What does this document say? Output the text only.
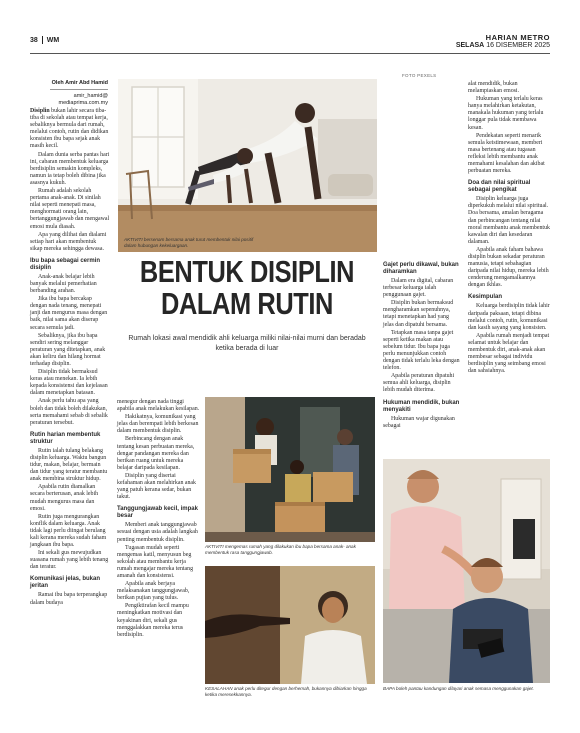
38 WM	HARIAN METRO
SELASA 16 DISEMBER 2025
FOTO PEXELS
Oleh Amir Abd Hamid
amir_hamid@
mediaprima.com.my

Disiplin bukan lahir secara tiba-tiba di sekolah atau tempat kerja, sebaliknya bermula dari rumah, melalui contoh, rutin dan didikan konsisten ibu bapa sejak anak masih kecil.

Dalam dunia serba pantas hari ini, cabaran membentuk keluarga berdisiplin semakin kompleks, namun ia tetap boleh dibina jika asasnya kukuh.

Rumah adalah sekolah pertama anak-anak. Di sinilah nilai seperti menepati masa, menghormati orang lain, bertanggungjawab dan mengawal emosi mula diasah.

Apa yang dilihat dan dialami setiap hari akan membentuk sikap mereka sehingga dewasa.

Ibu bapa sebagai cermin disiplin

Anak-anak belajar lebih banyak melalui pemerhatian berbanding arahan.

Jika ibu bapa bercakap dengan nada tenang, menepati janji dan mengurus masa dengan baik, nilai sama akan diserap secara semula jadi.

Sebaliknya, jika ibu bapa sendiri sering melanggar peraturan yang ditetapkan, anak akan keliru dan hilang hormat terhadap disiplin.

Disiplin tidak bermaksud keras atau menekan. Ia lebih kepada konsistensi dan kejelasan dalam menetapkan batasan.

Anak perlu tahu apa yang boleh dan tidak boleh dilakukan, serta memahami sebab di sebalik peraturan tersebut.

Rutin harian membentuk struktur

Rutin ialah tulang belakang disiplin keluarga. Waktu bangun tidur, makan, belajar, bermain dan tidur yang teratur membantu anak membina struktur hidup.

Apabila rutin diamalkan secara berterusan, anak lebih mudah mengurus masa dan emosi.

Rutin juga mengurangkan konflik dalam keluarga. Anak tidak lagi perlu diingat berulang kali kerana mereka sudah faham jangkaan ibu bapa.

Ini sekali gus mewujudkan suasana rumah yang lebih tenang dan teratur.

Komunikasi jelas, bukan jeritan

Ramai ibu bapa terperangkap dalam budaya

AKTIVITI bersenam bersama anak turut membentuk nilai positif dalam hubungan kekeluargaan.
BENTUK DISIPLIN
DALAM RUTIN
Rumah lokasi awal mendidik ahli keluarga miliki nilai-nilai murni dan beradab ketika berada di luar

menegur dengan nada tinggi apabila anak melakukan kesilapan.

Hakikatnya, komunikasi yang jelas dan berempati lebih berkesan dalam membentuk disiplin.

Berbincang dengan anak tentang kesan perbuatan mereka, dengar pandangan mereka dan berikan ruang untuk mereka belajar daripada kesilapan.

Disiplin yang disertai kefahaman akan melahirkan anak yang patuh kerana sedar, bukan takut.

Tanggungjawab kecil, impak besar

Memberi anak tanggungjawab sesuai dengan usia adalah langkah penting membentuk disiplin.

Tugasan mudah seperti mengemas katil, menyusun beg sekolah atau membantu kerja rumah mengajar mereka tentang amanah dan konsistensi.

Apabila anak berjaya melaksanakan tanggungjawab, berikan pujian yang tulus.

Pengiktirafan kecil mampu meningkatkan motivasi dan keyakinan diri, sekali gus menggalakkan mereka terus berdisiplin.

AKTIVITI mengemas rumah yang dilakukan ibu bapa bersama anak- anak membentuk rasa tanggungjawab.
KESALAHAN anak perlu ditegur dengan berhemah, bukannya dibiarkan hingga ketika meresekkannya.
Gajet perlu dikawal, bukan diharamkan

Dalam era digital, cabaran terbesar keluarga ialah penggunaan gajet.

Disiplin bukan bermaksud mengharamkan sepenuhnya, tetapi menetapkan had yang jelas dan dipatuhi bersama.

Tetapkan masa tanpa gajet seperti ketika makan atau sebelum tidur. Ibu bapa juga perlu menunjukkan contoh dengan tidak terlalu leka dengan telefon.

Apabila peraturan dipatuhi semua ahli keluarga, disiplin lebih mudah diterima.

Hukuman mendidik, bukan menyakiti

Hukuman wajar digunakan sebagai

alat mendidik, bukan melampiaskan emosi.

Hukuman yang terlalu keras hanya melahirkan ketakutan, manakala hukuman yang terlalu longgar pula tidak membawa kesan.

Pendekatan seperti menarik semula keistimewaan, memberi masa bertenang atau tugasan refleksi lebih membantu anak memahami kesalahan dan akibat perbuatan mereka.

Doa dan nilai spiritual sebagai pengikat

Disiplin keluarga juga diperkukuh melalui nilai spiritual. Doa bersama, amalan beragama dan perbincangan tentang nilai moral membantu anak membentuk kawalan diri dan kesedaran dalaman.

Apabila anak faham bahawa disiplin bukan sekadar peraturan manusia, tetapi sebahagian daripada nilai hidup, mereka lebih cenderung mengamalkannya dengan ikhlas.

Kesimpulan

Keluarga berdisiplin tidak lahir daripada paksaan, tetapi dibina melalui contoh, rutin, komunikasi dan kasih sayang yang konsisten.

Apabila rumah menjadi tempat selamat untuk belajar dan membentuk diri, anak-anak akan membesar sebagai individu berdisiplin yang seimbang emosi dan sahsiahnya.

BAPA boleh pantau kandungan dilayari anak semasa menggunakan gajet.
